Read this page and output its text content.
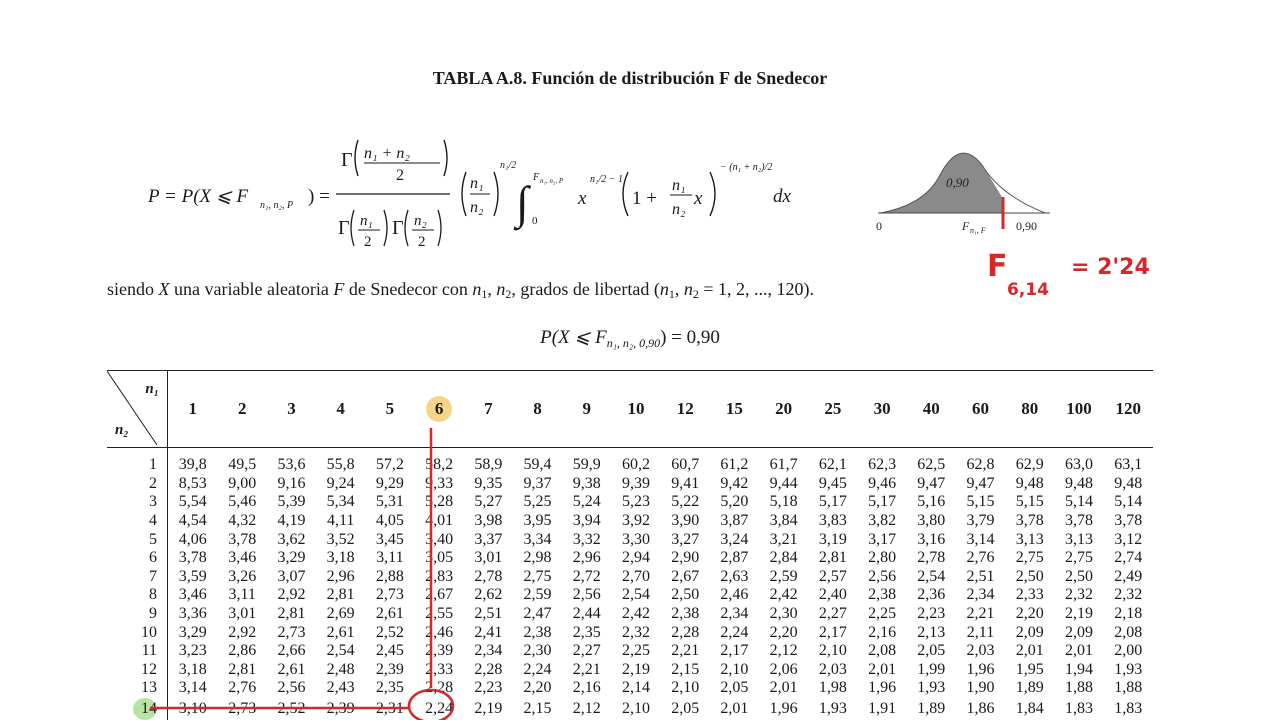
TABLA A.8. Función de distribución F de Snedecor
P = P(X ⩽ F n₁, n₂, P ) =
Γ n₁ + n₂
2
Γ n₁
2
Γ n₂
2
n₁
n₂
n₁/2
∫ F n₁, n₂, P
0
x
n₁/2 − 1
1 +
n₁
n₂
x
− (n₁ + n₂)/2
dx
0,90
0	F n₁, F	0,90
F
6,14
= 2'24
siendo X una variable aleatoria F de Snedecor con $n_1$, $n_2$, grados de libertad ($n_1$, $n_2 = 1$, 2, ..., 120).
P(X ⩽ $F_{n_1, n_2, 0,90}) = 0,90$
n₁
n₂	1	2	3	4	5	6	7	8	9	10	12	15	20	25	30	40	60	80	100	120
1	39,8	49,5	53,6	55,8	57,2	58,2	58,9	59,4	59,9	60,2	60,7	61,2	61,7	62,1	62,3	62,5	62,8	62,9	63,0	63,1
2	8,53	9,00	9,16	9,24	9,29	9,33	9,35	9,37	9,38	9,39	9,41	9,42	9,44	9,45	9,46	9,47	9,47	9,48	9,48	9,48
3	5,54	5,46	5,39	5,34	5,31	5,28	5,27	5,25	5,24	5,23	5,22	5,20	5,18	5,17	5,17	5,16	5,15	5,15	5,14	5,14
4	4,54	4,32	4,19	4,11	4,05	4,01	3,98	3,95	3,94	3,92	3,90	3,87	3,84	3,83	3,82	3,80	3,79	3,78	3,78	3,78
5	4,06	3,78	3,62	3,52	3,45	3,40	3,37	3,34	3,32	3,30	3,27	3,24	3,21	3,19	3,17	3,16	3,14	3,13	3,13	3,12
6	3,78	3,46	3,29	3,18	3,11	3,05	3,01	2,98	2,96	2,94	2,90	2,87	2,84	2,81	2,80	2,78	2,76	2,75	2,75	2,74
7	3,59	3,26	3,07	2,96	2,88	2,83	2,78	2,75	2,72	2,70	2,67	2,63	2,59	2,57	2,56	2,54	2,51	2,50	2,50	2,49
8	3,46	3,11	2,92	2,81	2,73	2,67	2,62	2,59	2,56	2,54	2,50	2,46	2,42	2,40	2,38	2,36	2,34	2,33	2,32	2,32
9	3,36	3,01	2,81	2,69	2,61	2,55	2,51	2,47	2,44	2,42	2,38	2,34	2,30	2,27	2,25	2,23	2,21	2,20	2,19	2,18
10	3,29	2,92	2,73	2,61	2,52	2,46	2,41	2,38	2,35	2,32	2,28	2,24	2,20	2,17	2,16	2,13	2,11	2,09	2,09	2,08
11	3,23	2,86	2,66	2,54	2,45	2,39	2,34	2,30	2,27	2,25	2,21	2,17	2,12	2,10	2,08	2,05	2,03	2,01	2,01	2,00
12	3,18	2,81	2,61	2,48	2,39	2,33	2,28	2,24	2,21	2,19	2,15	2,10	2,06	2,03	2,01	1,99	1,96	1,95	1,94	1,93
13	3,14	2,76	2,56	2,43	2,35	2,28	2,23	2,20	2,16	2,14	2,10	2,05	2,01	1,98	1,96	1,93	1,90	1,89	1,88	1,88
14	3,10	2,73	2,52	2,39	2,31	2,24	2,19	2,15	2,12	2,10	2,05	2,01	1,96	1,93	1,91	1,89	1,86	1,84	1,83	1,83
